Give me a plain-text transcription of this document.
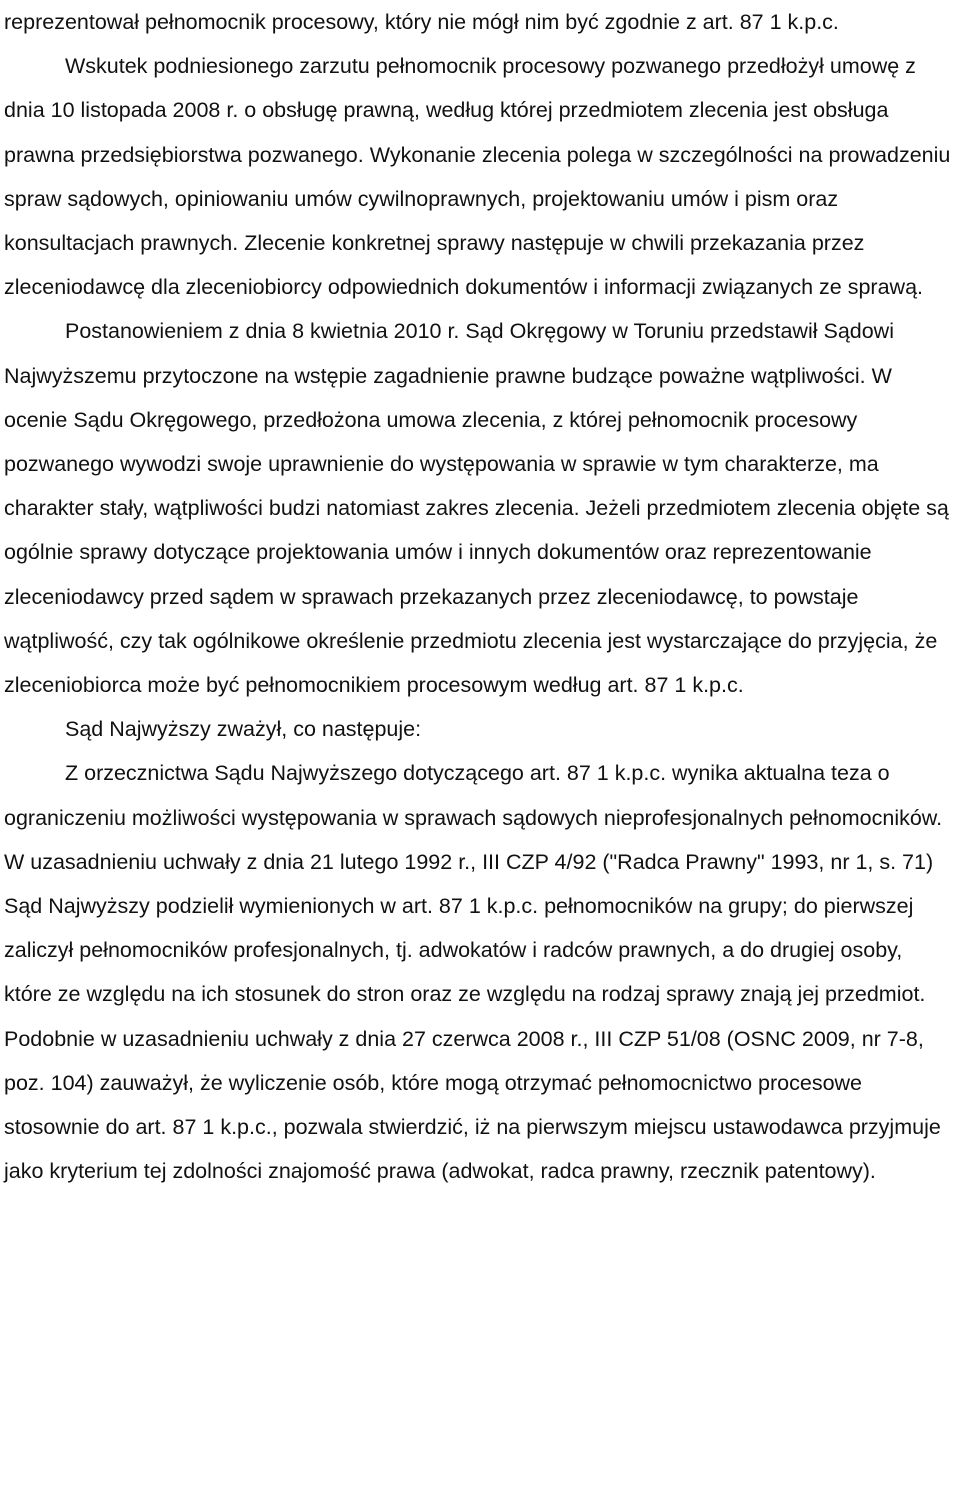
reprezentował pełnomocnik procesowy, który nie mógł nim być zgodnie z art. 87 1 k.p.c.

Wskutek podniesionego zarzutu pełnomocnik procesowy pozwanego przedłożył umowę z dnia 10 listopada 2008 r. o obsługę prawną, według której przedmiotem zlecenia jest obsługa prawna przedsiębiorstwa pozwanego. Wykonanie zlecenia polega w szczególności na prowadzeniu spraw sądowych, opiniowaniu umów cywilnoprawnych, projektowaniu umów i pism oraz konsultacjach prawnych. Zlecenie konkretnej sprawy następuje w chwili przekazania przez zleceniodawcę dla zleceniobiorcy odpowiednich dokumentów i informacji związanych ze sprawą.

Postanowieniem z dnia 8 kwietnia 2010 r. Sąd Okręgowy w Toruniu przedstawił Sądowi Najwyższemu przytoczone na wstępie zagadnienie prawne budzące poważne wątpliwości. W ocenie Sądu Okręgowego, przedłożona umowa zlecenia, z której pełnomocnik procesowy pozwanego wywodzi swoje uprawnienie do występowania w sprawie w tym charakterze, ma charakter stały, wątpliwości budzi natomiast zakres zlecenia. Jeżeli przedmiotem zlecenia objęte są ogólnie sprawy dotyczące projektowania umów i innych dokumentów oraz reprezentowanie zleceniodawcy przed sądem w sprawach przekazanych przez zleceniodawcę, to powstaje wątpliwość, czy tak ogólnikowe określenie przedmiotu zlecenia jest wystarczające do przyjęcia, że zleceniobiorca może być pełnomocnikiem procesowym według art. 87 1 k.p.c.

Sąd Najwyższy zważył, co następuje:

Z orzecznictwa Sądu Najwyższego dotyczącego art. 87 1 k.p.c. wynika aktualna teza o ograniczeniu możliwości występowania w sprawach sądowych nieprofesjonalnych pełnomocników. W uzasadnieniu uchwały z dnia 21 lutego 1992 r., III CZP 4/92 ("Radca Prawny" 1993, nr 1, s. 71) Sąd Najwyższy podzielił wymienionych w art. 87 1 k.p.c. pełnomocników na grupy; do pierwszej zaliczył pełnomocników profesjonalnych, tj. adwokatów i radców prawnych, a do drugiej osoby, które ze względu na ich stosunek do stron oraz ze względu na rodzaj sprawy znają jej przedmiot. Podobnie w uzasadnieniu uchwały z dnia 27 czerwca 2008 r., III CZP 51/08 (OSNC 2009, nr 7-8, poz. 104) zauważył, że wyliczenie osób, które mogą otrzymać pełnomocnictwo procesowe stosownie do art. 87 1 k.p.c., pozwala stwierdzić, iż na pierwszym miejscu ustawodawca przyjmuje jako kryterium tej zdolności znajomość prawa (adwokat, radca prawny, rzecznik patentowy).
